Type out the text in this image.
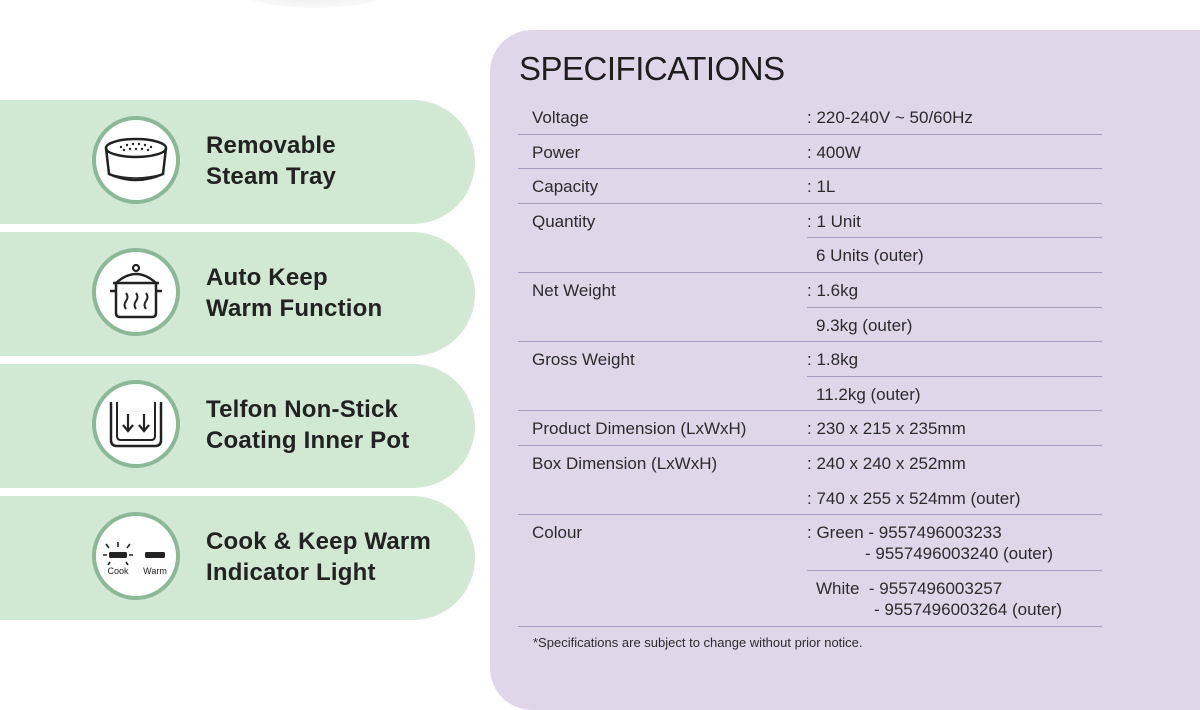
Removable
Steam Tray
Auto Keep
Warm Function
Telfon Non-Stick
Coating Inner Pot
Cook Warm
Cook & Keep Warm
Indicator Light
SPECIFICATIONS
Voltage	: 220-240V ~ 50/60Hz
Power	: 400W
Capacity	: 1L
Quantity	: 1 Unit
6 Units (outer)
Net Weight	: 1.6kg
9.3kg (outer)
Gross Weight	: 1.8kg
11.2kg (outer)
Product Dimension (LxWxH)	: 230 x 215 x 235mm
Box Dimension (LxWxH)	: 240 x 240 x 252mm
: 740 x 255 x 524mm (outer)
Colour	: Green - 9557496003233
- 9557496003240 (outer)
White  - 9557496003257
- 9557496003264 (outer)
*Specifications are subject to change without prior notice.
